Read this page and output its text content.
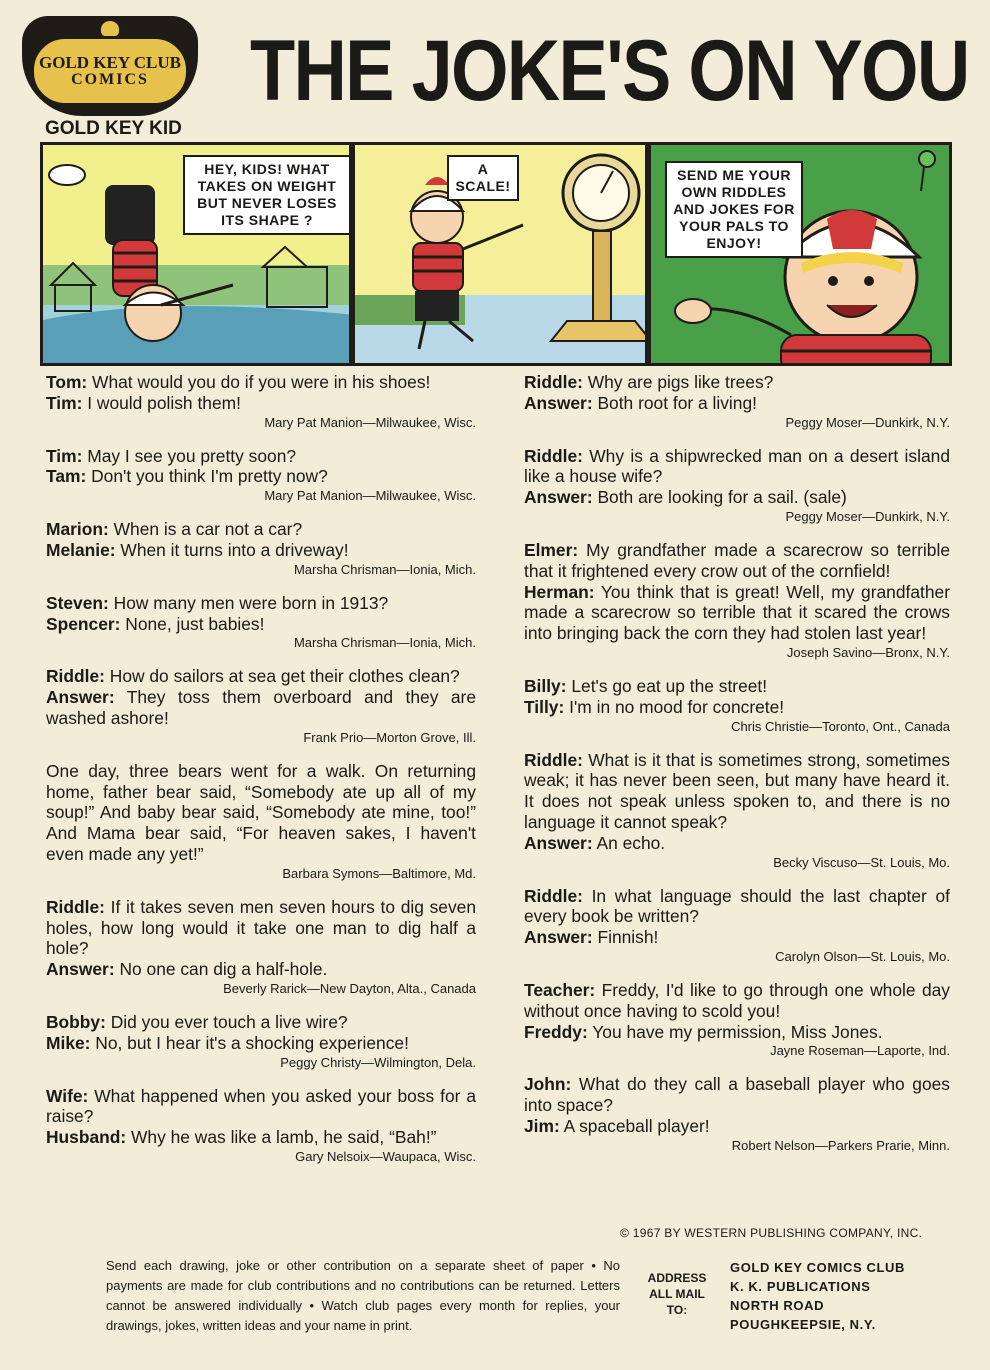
GOLD KEY CLUB
COMICS THE JOKE'S ON YOU
GOLD KEY KID
HEY, KIDS! WHAT TAKES ON WEIGHT BUT NEVER LOSES ITS SHAPE ?
A SCALE!
SEND ME YOUR OWN RIDDLES AND JOKES FOR YOUR PALS TO ENJOY!
Tom: What would you do if you were in his shoes!
Tim: I would polish them!
Mary Pat Manion—Milwaukee, Wisc.
Tim: May I see you pretty soon?
Tam: Don't you think I'm pretty now?
Mary Pat Manion—Milwaukee, Wisc.
Marion: When is a car not a car?
Melanie: When it turns into a driveway!
Marsha Chrisman—Ionia, Mich.
Steven: How many men were born in 1913?
Spencer: None, just babies!
Marsha Chrisman—Ionia, Mich.
Riddle: How do sailors at sea get their clothes clean?
Answer: They toss them overboard and they are washed ashore!
Frank Prio—Morton Grove, Ill.
One day, three bears went for a walk. On returning home, father bear said, “Somebody ate up all of my soup!” And baby bear said, “Somebody ate mine, too!” And Mama bear said, “For heaven sakes, I haven't even made any yet!”
Barbara Symons—Baltimore, Md.
Riddle: If it takes seven men seven hours to dig seven holes, how long would it take one man to dig half a hole?
Answer: No one can dig a half-hole.
Beverly Rarick—New Dayton, Alta., Canada
Bobby: Did you ever touch a live wire?
Mike: No, but I hear it's a shocking experience!
Peggy Christy—Wilmington, Dela.
Wife: What happened when you asked your boss for a raise?
Husband: Why he was like a lamb, he said, “Bah!”
Gary Nelsoix—Waupaca, Wisc.
Riddle: Why are pigs like trees?
Answer: Both root for a living!
Peggy Moser—Dunkirk, N.Y.
Riddle: Why is a shipwrecked man on a desert island like a house wife?
Answer: Both are looking for a sail. (sale)
Peggy Moser—Dunkirk, N.Y.
Elmer: My grandfather made a scarecrow so terrible that it frightened every crow out of the cornfield!
Herman: You think that is great! Well, my grandfather made a scarecrow so terrible that it scared the crows into bringing back the corn they had stolen last year!
Joseph Savino—Bronx, N.Y.
Billy: Let's go eat up the street!
Tilly: I'm in no mood for concrete!
Chris Christie—Toronto, Ont., Canada
Riddle: What is it that is sometimes strong, sometimes weak; it has never been seen, but many have heard it. It does not speak unless spoken to, and there is no language it cannot speak?
Answer: An echo.
Becky Viscuso—St. Louis, Mo.
Riddle: In what language should the last chapter of every book be written?
Answer: Finnish!
Carolyn Olson—St. Louis, Mo.
Teacher: Freddy, I'd like to go through one whole day without once having to scold you!
Freddy: You have my permission, Miss Jones.
Jayne Roseman—Laporte, Ind.
John: What do they call a baseball player who goes into space?
Jim: A spaceball player!
Robert Nelson—Parkers Prarie, Minn.
© 1967 BY WESTERN PUBLISHING COMPANY, INC.
Send each drawing, joke or other contribution on a separate sheet of paper • No payments are made for club contributions and no contributions can be returned. Letters cannot be answered individually • Watch club pages every month for replies, your drawings, jokes, written ideas and your name in print.
ADDRESS ALL MAIL TO:
GOLD KEY COMICS CLUB
K. K. PUBLICATIONS
NORTH ROAD
POUGHKEEPSIE, N.Y.
